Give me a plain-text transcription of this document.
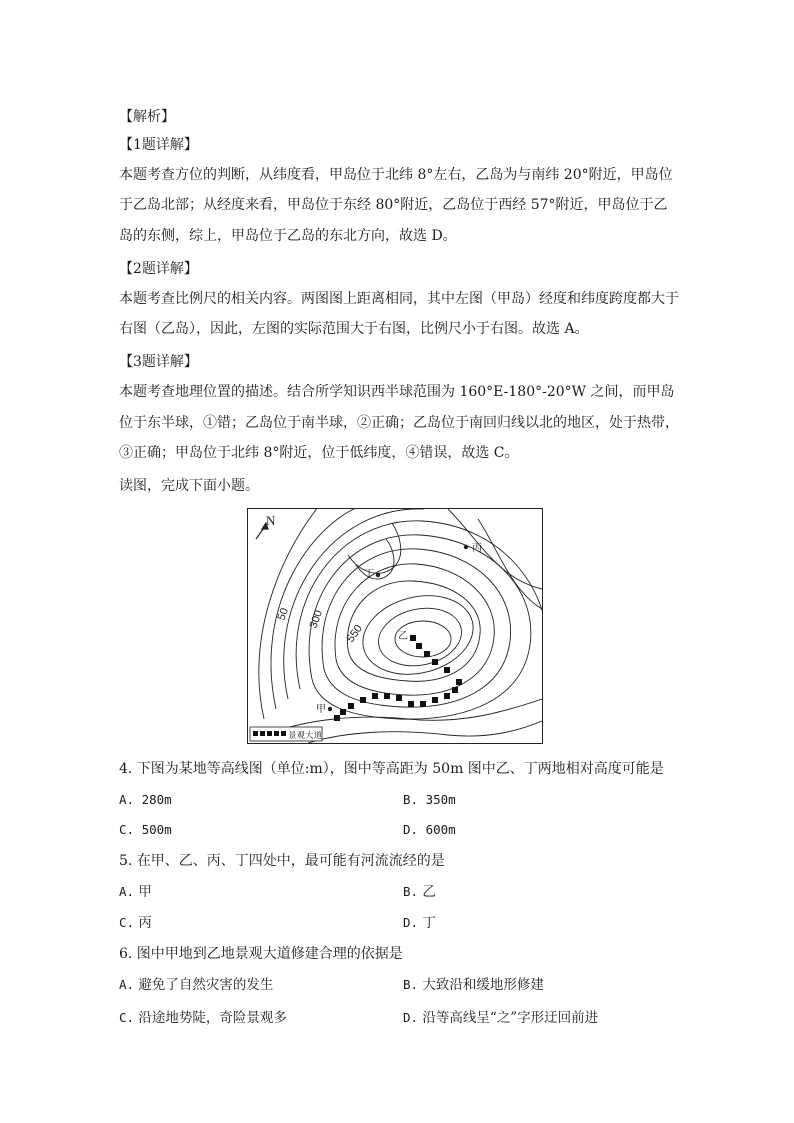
【解析】
【1题详解】
本题考查方位的判断，从纬度看，甲岛位于北纬 8°左右，乙岛为与南纬 20°附近，甲岛位
于乙岛北部；从经度来看，甲岛位于东经 80°附近，乙岛位于西经 57°附近，甲岛位于乙
岛的东侧，综上，甲岛位于乙岛的东北方向，故选 D。
【2题详解】
本题考查比例尺的相关内容。两图图上距离相同，其中左图（甲岛）经度和纬度跨度都大于
右图（乙岛），因此，左图的实际范围大于右图，比例尺小于右图。故选 A。
【3题详解】
本题考查地理位置的描述。结合所学知识西半球范围为 160°E-180°-20°W 之间，而甲岛
位于东半球，①错；乙岛位于南半球，②正确；乙岛位于南回归线以北的地区，处于热带，
③正确；甲岛位于北纬 8°附近，位于低纬度，④错误，故选 C。
读图，完成下面小题。
N
50 300
550
丙
丁
乙
甲
景观大道
4. 下图为某地等高线图（单位:m），图中等高距为 50m 图中乙、丁两地相对高度可能是
A. 280m	B. 350m
C. 500m	D. 600m
5. 在甲、乙、丙、丁四处中，最可能有河流流经的是
A. 甲	B. 乙
C. 丙	D. 丁
6. 图中甲地到乙地景观大道修建合理的依据是
A. 避免了自然灾害的发生	B. 大致沿和缓地形修建
C. 沿途地势陡，奇险景观多	D. 沿等高线呈“之”字形迂回前进
